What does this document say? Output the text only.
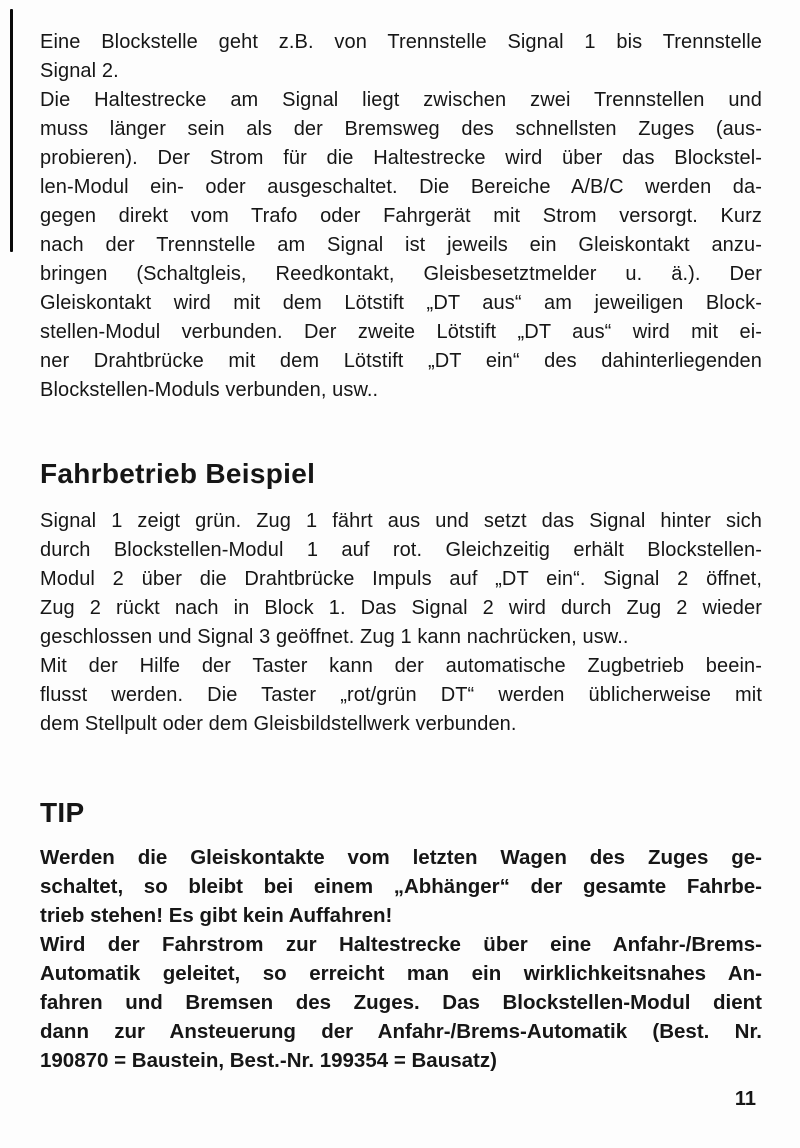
Eine Blockstelle geht z.B. von Trennstelle Signal 1 bis Trennstelle
Signal 2.
Die Haltestrecke am Signal liegt zwischen zwei Trennstellen und
muss länger sein als der Bremsweg des schnellsten Zuges (aus-
probieren). Der Strom für die Haltestrecke wird über das Blockstel-
len-Modul ein- oder ausgeschaltet. Die Bereiche A/B/C werden da-
gegen direkt vom Trafo oder Fahrgerät mit Strom versorgt. Kurz
nach der Trennstelle am Signal ist jeweils ein Gleiskontakt anzu-
bringen (Schaltgleis, Reedkontakt, Gleisbesetztmelder u. ä.). Der
Gleiskontakt wird mit dem Lötstift „DT aus“ am jeweiligen Block-
stellen-Modul verbunden. Der zweite Lötstift „DT aus“ wird mit ei-
ner Drahtbrücke mit dem Lötstift „DT ein“ des dahinterliegenden
Blockstellen-Moduls verbunden, usw..
Fahrbetrieb Beispiel
Signal 1 zeigt grün. Zug 1 fährt aus und setzt das Signal hinter sich
durch Blockstellen-Modul 1 auf rot. Gleichzeitig erhält Blockstellen-
Modul 2 über die Drahtbrücke Impuls auf „DT ein“. Signal 2 öffnet,
Zug 2 rückt nach in Block 1. Das Signal 2 wird durch Zug 2 wieder
geschlossen und Signal 3 geöffnet. Zug 1 kann nachrücken, usw..
Mit der Hilfe der Taster kann der automatische Zugbetrieb beein-
flusst werden. Die Taster „rot/grün DT“ werden üblicherweise mit
dem Stellpult oder dem Gleisbildstellwerk verbunden.
TIP
Werden die Gleiskontakte vom letzten Wagen des Zuges ge-
schaltet, so bleibt bei einem „Abhänger“ der gesamte Fahrbe-
trieb stehen! Es gibt kein Auffahren!
Wird der Fahrstrom zur Haltestrecke über eine Anfahr-/Brems-
Automatik geleitet, so erreicht man ein wirklichkeitsnahes An-
fahren und Bremsen des Zuges. Das Blockstellen-Modul dient
dann zur Ansteuerung der Anfahr-/Brems-Automatik (Best. Nr.
190870 = Baustein, Best.-Nr. 199354 = Bausatz)
11
